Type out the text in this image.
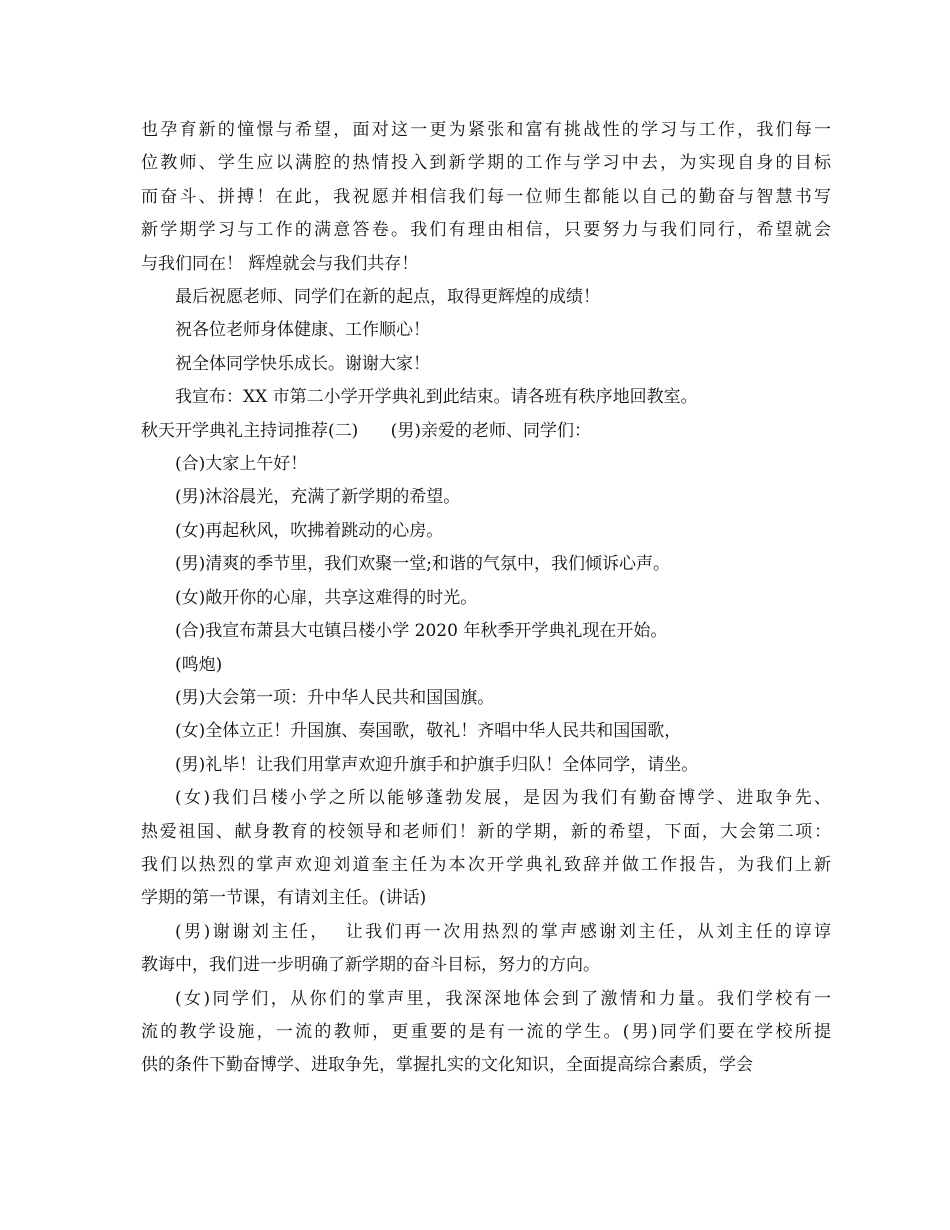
也孕育新的憧憬与希望，面对这一更为紧张和富有挑战性的学习与工作，我们每一
位教师、学生应以满腔的热情投入到新学期的工作与学习中去，为实现自身的目标
而奋斗、拼搏！在此，我祝愿并相信我们每一位师生都能以自己的勤奋与智慧书写
新学期学习与工作的满意答卷。我们有理由相信，只要努力与我们同行，希望就会
与我们同在！ 辉煌就会与我们共存！
最后祝愿老师、同学们在新的起点，取得更辉煌的成绩！
祝各位老师身体健康、工作顺心！
祝全体同学快乐成长。谢谢大家！
我宣布：XX 市第二小学开学典礼到此结束。请各班有秩序地回教室。
秋天开学典礼主持词推荐(二)      (男)亲爱的老师、同学们：
(合)大家上午好！
(男)沐浴晨光，充满了新学期的希望。
(女)再起秋风，吹拂着跳动的心房。
(男)清爽的季节里，我们欢聚一堂;和谐的气氛中，我们倾诉心声。
(女)敞开你的心扉，共享这难得的时光。
(合)我宣布萧县大屯镇吕楼小学 2020 年秋季开学典礼现在开始。
(鸣炮)
(男)大会第一项：升中华人民共和国国旗。
(女)全体立正！升国旗、奏国歌，敬礼！齐唱中华人民共和国国歌，
(男)礼毕！让我们用掌声欢迎升旗手和护旗手归队！全体同学，请坐。
(女)我们吕楼小学之所以能够蓬勃发展，是因为我们有勤奋博学、进取争先、
热爱祖国、献身教育的校领导和老师们！新的学期，新的希望，下面，大会第二项：
我们以热烈的掌声欢迎刘道奎主任为本次开学典礼致辞并做工作报告，为我们上新
学期的第一节课，有请刘主任。(讲话)
(男)谢谢刘主任，  让我们再一次用热烈的掌声感谢刘主任，从刘主任的谆谆
教诲中，我们进一步明确了新学期的奋斗目标，努力的方向。
(女)同学们，从你们的掌声里，我深深地体会到了激情和力量。我们学校有一
流的教学设施，一流的教师，更重要的是有一流的学生。(男)同学们要在学校所提
供的条件下勤奋博学、进取争先，掌握扎实的文化知识，全面提高综合素质，学会
